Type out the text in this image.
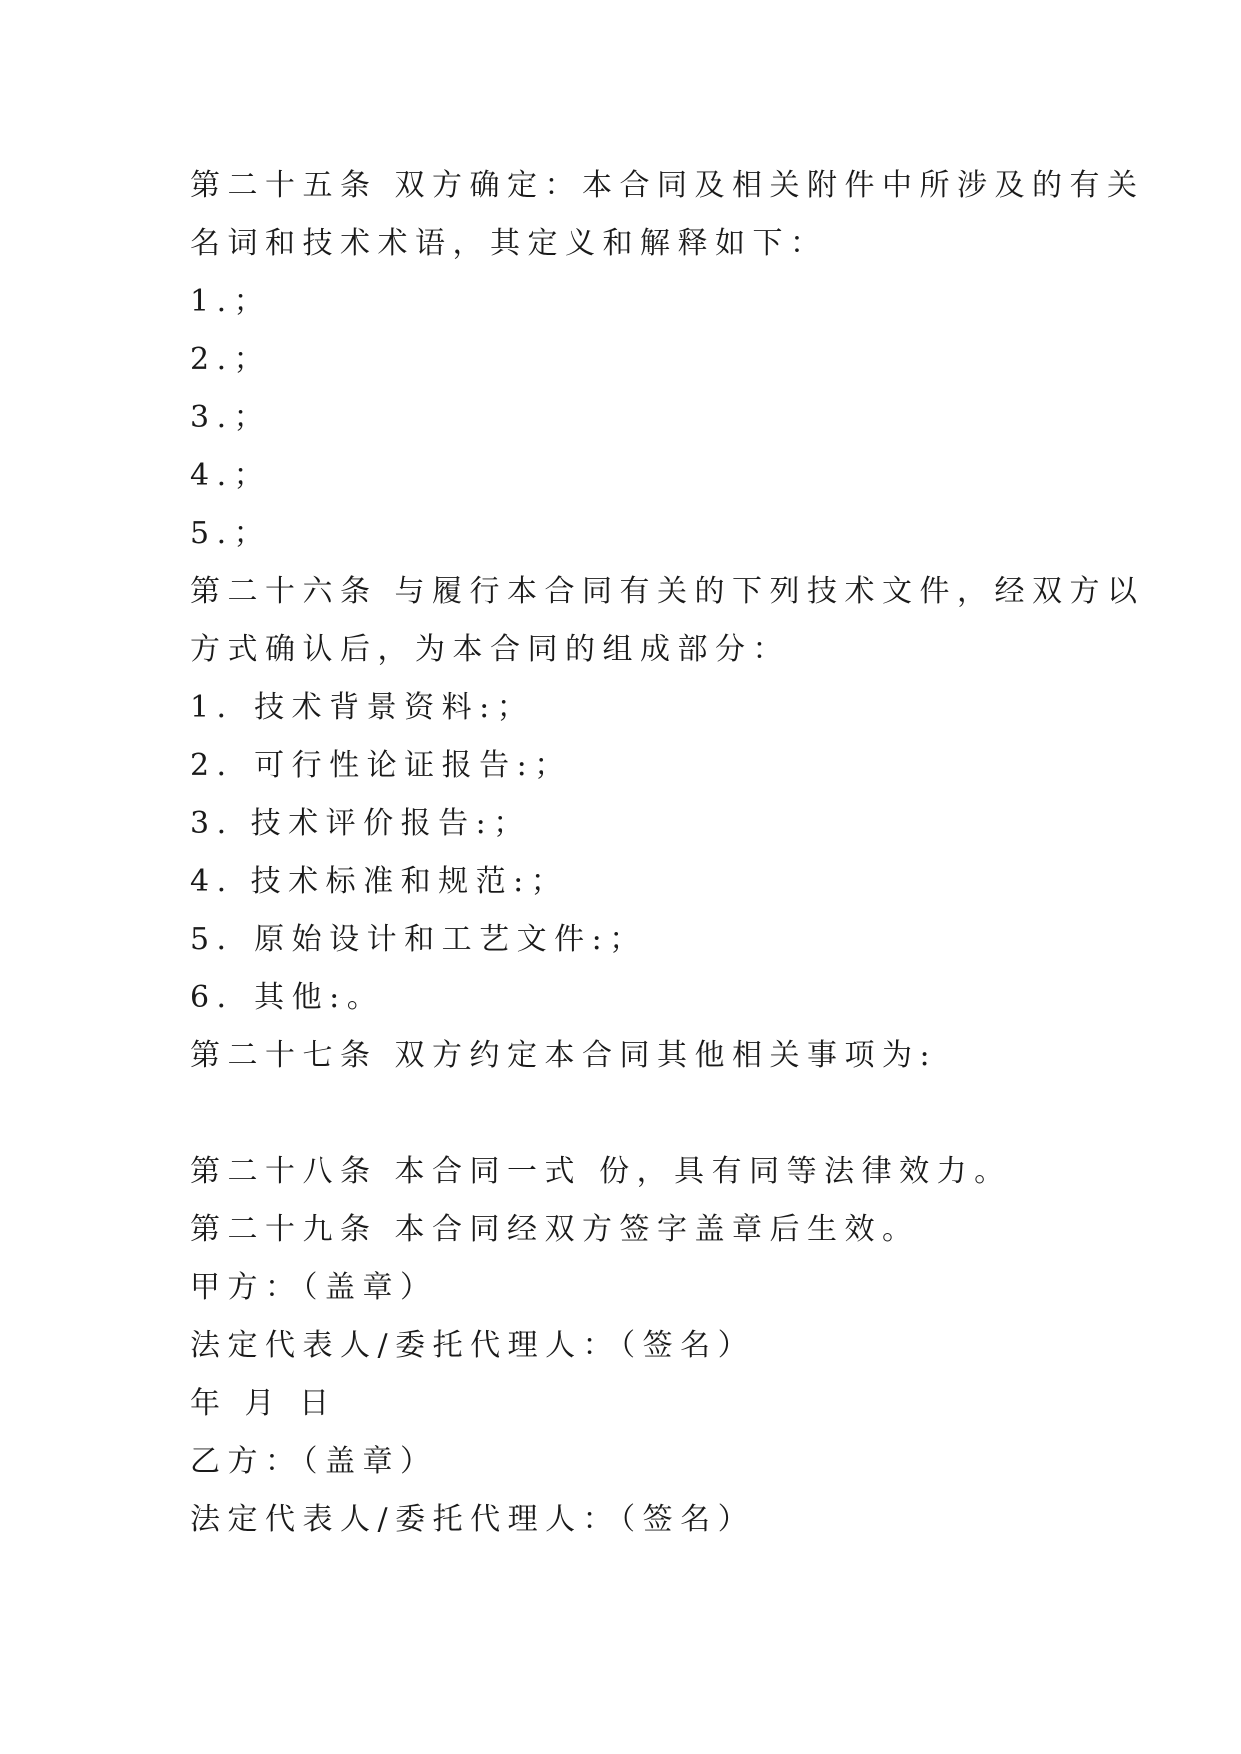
第二十五条 双方确定：本合同及相关附件中所涉及的有关
名词和技术术语，其定义和解释如下：
1.；
2.；
3.；
4.；
5.；
第二十六条 与履行本合同有关的下列技术文件，经双方以
方式确认后，为本合同的组成部分：
1．技术背景资料:；
2．可行性论证报告:；
3. 技术评价报告:；
4. 技术标准和规范:；
5．原始设计和工艺文件:；
6．其他:。
第二十七条 双方约定本合同其他相关事项为:
第二十八条 本合同一式 份，具有同等法律效力。
第二十九条 本合同经双方签字盖章后生效。
甲方：（盖章）
法定代表人/委托代理人：（签名）
年 月 日
乙方：（盖章）
法定代表人/委托代理人：（签名）
